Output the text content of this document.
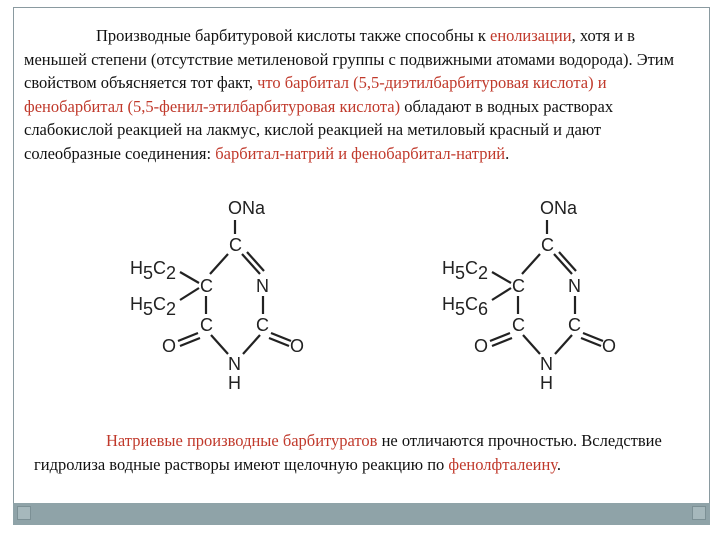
Производные барбитуровой кислоты также способны к енолизации, хотя и в меньшей степени (отсутствие метиленовой группы с подвижными атомами водорода). Этим свойством объясняется тот факт, что барбитал (5,5-диэтилбарбитуровая кислота) и фенобарбитал (5,5-фенил-этилбарбитуровая кислота) обладают в водных растворах слабокислой реакцией на лакмус, кислой реакцией на метиловый красный и дают солеобразные соединения: барбитал-натрий и фенобарбитал-натрий.

ONa
C
C N
C C
O	O
N
H
H5C2
H5C2
ONa
C
C N
C C
O	O
N
H
H5C2
H5C6

Натриевые производные барбитуратов не отличаются прочностью. Вследствие гидролиза водные растворы имеют щелочную реакцию по фенолфталеину.
